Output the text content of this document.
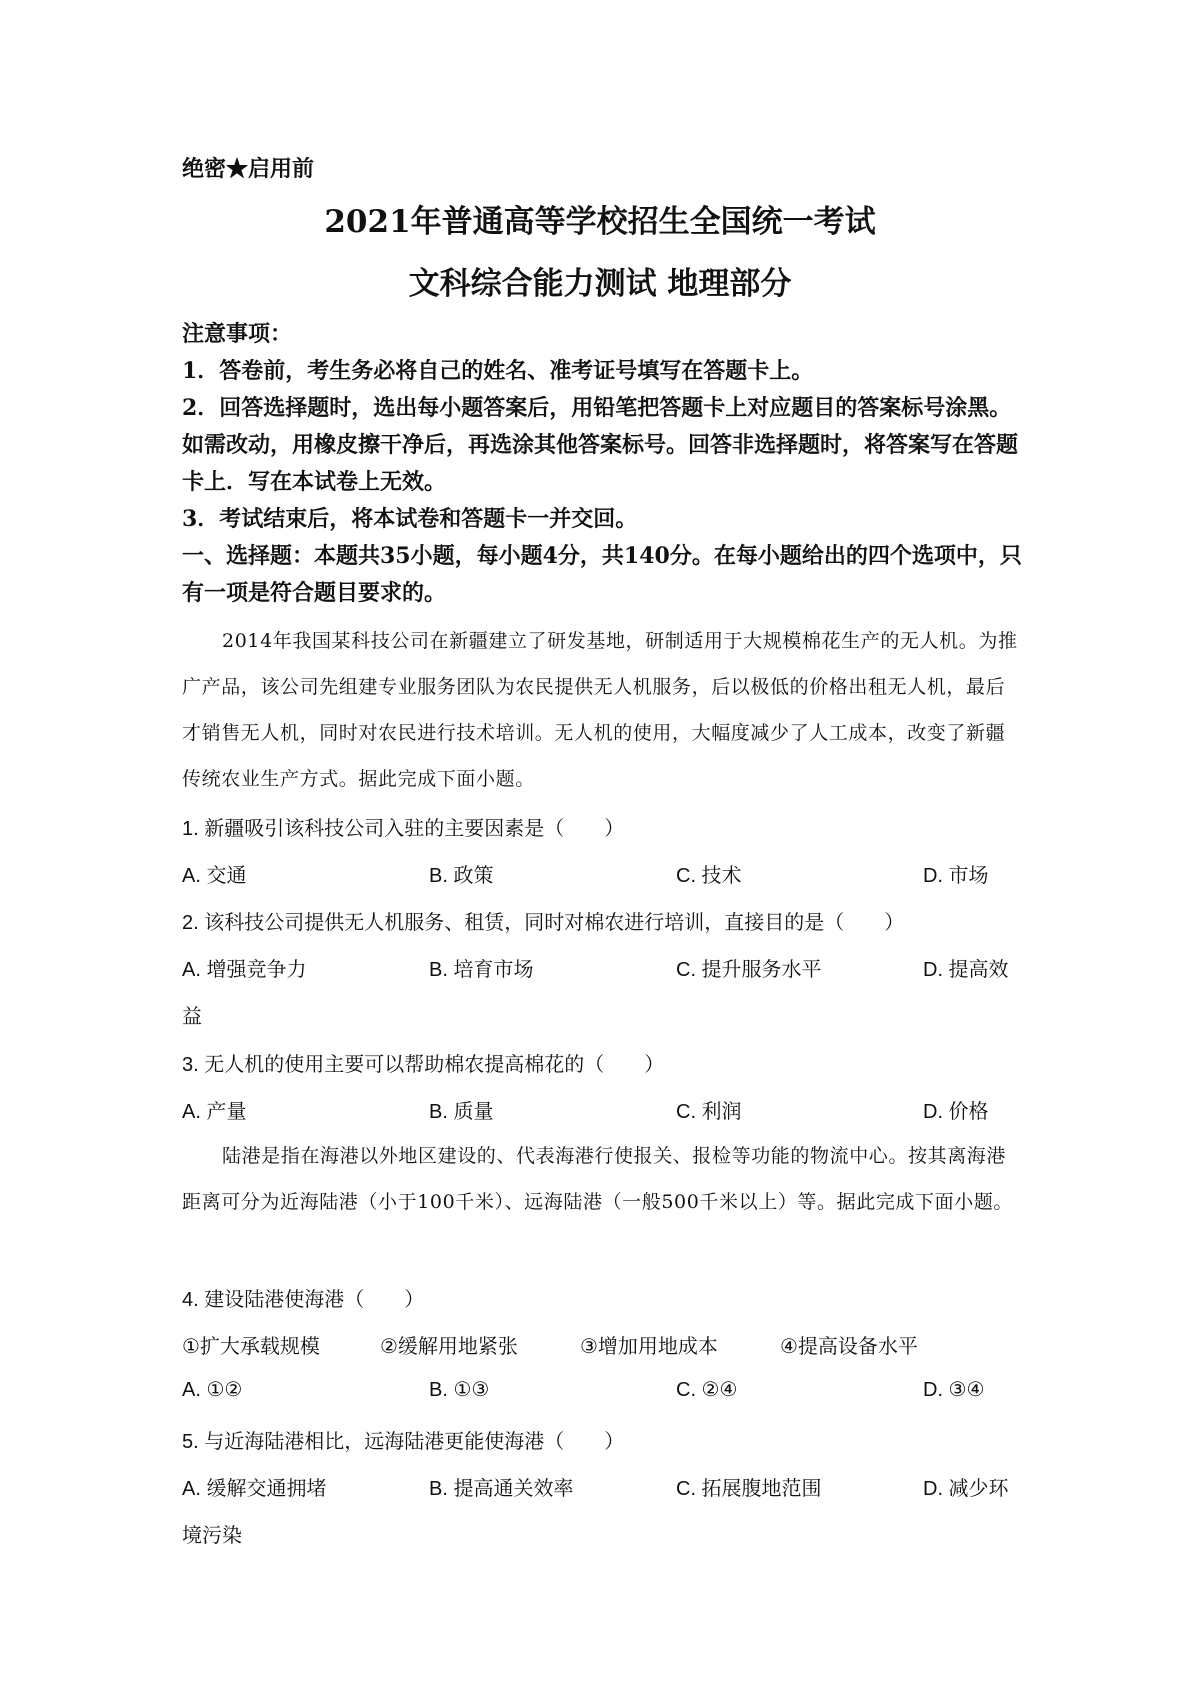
绝密★启用前
2021年普通高等学校招生全国统一考试
文科综合能力测试 地理部分

注意事项：

1．答卷前，考生务必将自己的姓名、准考证号填写在答题卡上。

2．回答选择题时，选出每小题答案后，用铅笔把答题卡上对应题目的答案标号涂黑。如需改动，用橡皮擦干净后，再选涂其他答案标号。回答非选择题时，将答案写在答题卡上．写在本试卷上无效。

3．考试结束后，将本试卷和答题卡一并交回。

一、选择题：本题共35小题，每小题4分，共140分。在每小题给出的四个选项中，只有一项是符合题目要求的。

2014年我国某科技公司在新疆建立了研发基地，研制适用于大规模棉花生产的无人机。为推广产品，该公司先组建专业服务团队为农民提供无人机服务，后以极低的价格出租无人机，最后才销售无人机，同时对农民进行技术培训。无人机的使用，大幅度减少了人工成本，改变了新疆传统农业生产方式。据此完成下面小题。

1. 新疆吸引该科技公司入驻的主要因素是（　　）
A. 交通	B. 政策	C. 技术	D. 市场
2. 该科技公司提供无人机服务、租赁，同时对棉农进行培训，直接目的是（　　）
A. 增强竞争力	B. 培育市场	C. 提升服务水平	D. 提高效
益
3. 无人机的使用主要可以帮助棉农提高棉花的（　　）
A. 产量	B. 质量	C. 利润	D. 价格

陆港是指在海港以外地区建设的、代表海港行使报关、报检等功能的物流中心。按其离海港距离可分为近海陆港（小于100千米）、远海陆港（一般500千米以上）等。据此完成下面小题。

4. 建设陆港使海港（　　）
①扩大承载规模	②缓解用地紧张	③增加用地成本	④提高设备水平
A. ①②	B. ①③	C. ②④	D. ③④
5. 与近海陆港相比，远海陆港更能使海港（　　）
A. 缓解交通拥堵	B. 提高通关效率	C. 拓展腹地范围	D. 减少环
境污染
